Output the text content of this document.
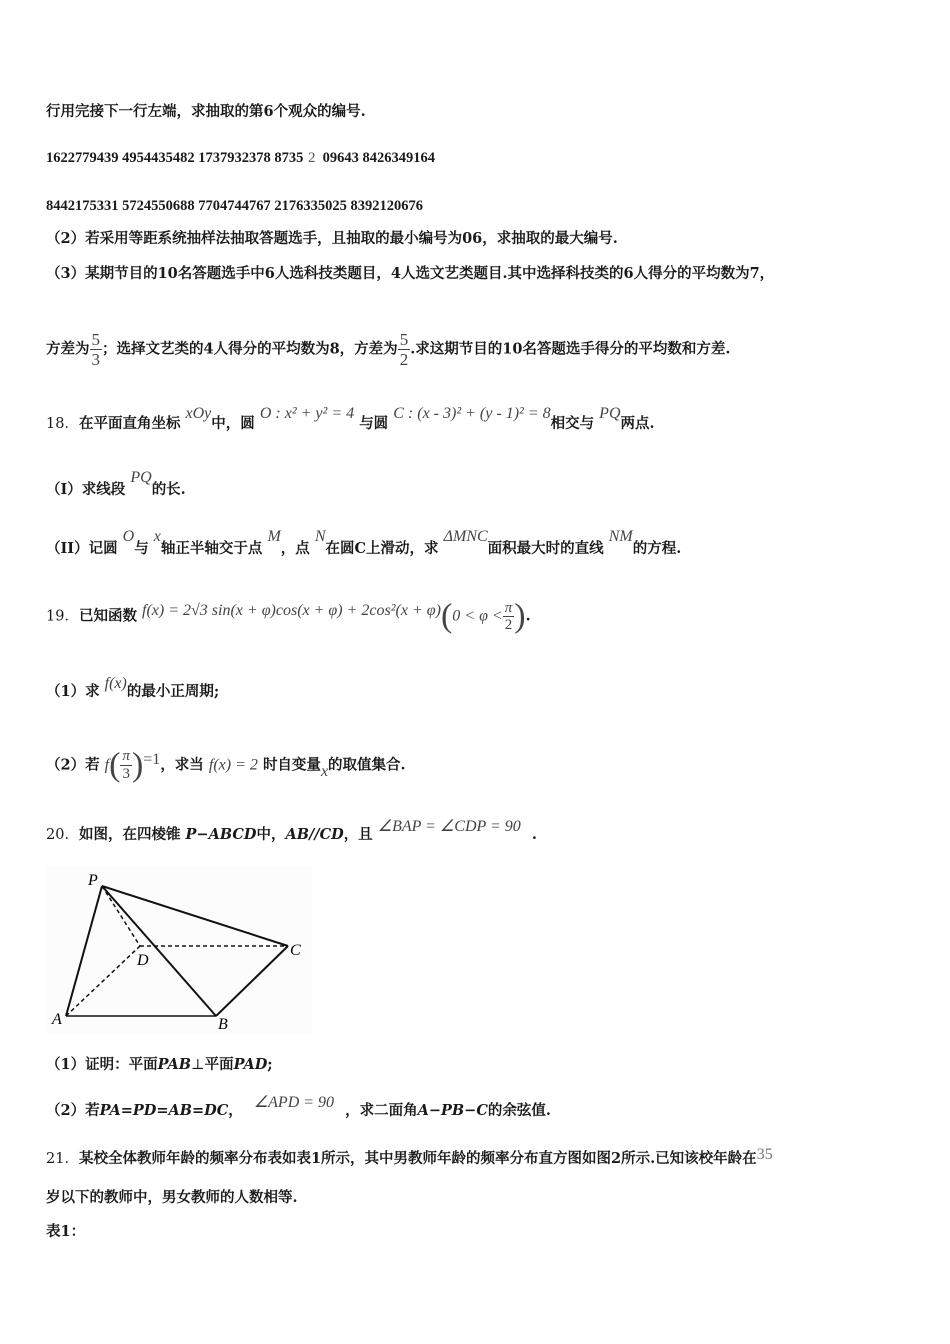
行用完接下一行左端，求抽取的第6个观众的编号.
1622779439 4954435482 1737932378 8735 2 09643 8426349164
8442175331 5724550688 7704744767 2176335025 8392120676
（2）若采用等距系统抽样法抽取答题选手，且抽取的最小编号为06，求抽取的最大编号.
（3）某期节目的10名答题选手中6人选科技类题目，4人选文艺类题目.其中选择科技类的6人得分的平均数为7，
方差为 $\frac{5}{3}$ ；选择文艺类的4人得分的平均数为8，方差为 $\frac{5}{2}$ .求这期节目的10名答题选手得分的平均数和方差.
18．在平面直角坐标 xOy中，圆 O : x² + y² = 4 与圆 C : (x - 3)² + (y - 1)² = 8相交与 PQ两点.
（I）求线段 PQ的长.
（II）记圆 O与 x轴正半轴交于点 M，点 N在圆C上滑动，求 ΔMNC面积最大时的直线 NM的方程.
19．已知函数 f(x) = 2√3 $\sin(x + \varphi)\cos(x + \varphi) + 2\cos^2(x + \varphi)(0 < \varphi < \frac{\pi}{2}$ ).
（1）求 f(x)的最小正周期;
（2）若 $f( \frac{\pi}{3} )=1$，求当 f(x) = 2 时自变量x的取值集合.
20．如图，在四棱锥 P−ABCD中，AB//CD，且 ∠BAP = ∠CDP = 90 .
P
A	B
C
D
（1）证明：平面PAB⊥平面PAD;
（2）若PA=PD=AB=DC， ∠APD = 90 ，求二面角A−PB−C的余弦值.
21．某校全体教师年龄的频率分布表如表1所示，其中男教师年龄的频率分布直方图如图2所示.已知该校年龄在35
岁以下的教师中，男女教师的人数相等.
表1：
